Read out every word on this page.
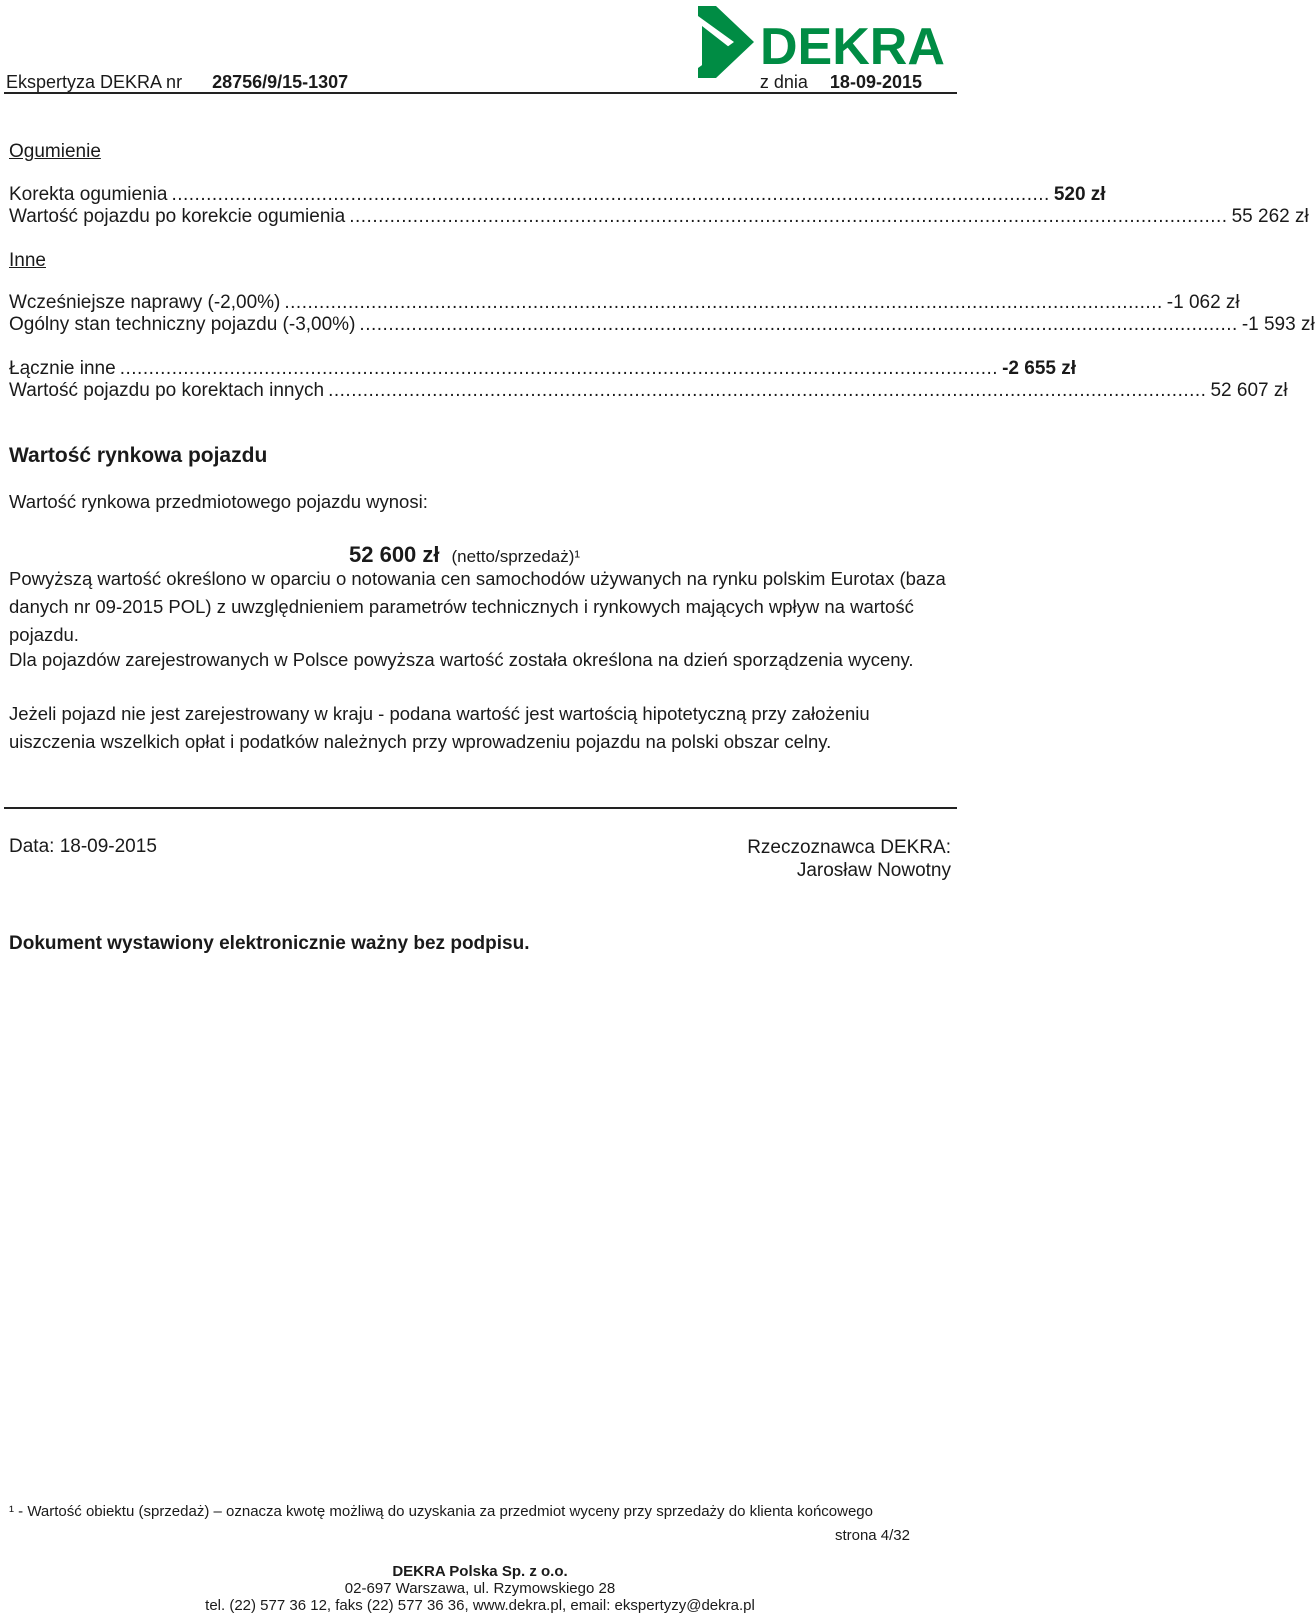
DEKRA
Ekspertyza DEKRA nr 28756/9/15-1307	z dnia 18-09-2015
Ogumienie
Korekta ogumienia ........................................................................................................................................................ 520 zł
Wartość pojazdu po korekcie ogumienia ........................................................................................................................................................ 55 262 zł
Inne
Wcześniejsze naprawy (-2,00%) ........................................................................................................................................................ -1 062 zł
Ogólny stan techniczny pojazdu (-3,00%) ........................................................................................................................................................ -1 593 zł
Łącznie inne ........................................................................................................................................................ -2 655 zł
Wartość pojazdu po korektach innych ........................................................................................................................................................ 52 607 zł
Wartość rynkowa pojazdu
Wartość rynkowa przedmiotowego pojazdu wynosi:
52 600 zł (netto/sprzedaż)¹
Powyższą wartość określono w oparciu o notowania cen samochodów używanych na rynku polskim Eurotax (baza danych nr 09-2015 POL) z uwzględnieniem parametrów technicznych i rynkowych mających wpływ na wartość pojazdu.
Dla pojazdów zarejestrowanych w Polsce powyższa wartość została określona na dzień sporządzenia wyceny.
Jeżeli pojazd nie jest zarejestrowany w kraju - podana wartość jest wartością hipotetyczną przy założeniu uiszczenia wszelkich opłat i podatków należnych przy wprowadzeniu pojazdu na polski obszar celny.
Data: 18-09-2015	Rzeczoznawca DEKRA:
Jarosław Nowotny
Dokument wystawiony elektronicznie ważny bez podpisu.
¹ - Wartość obiektu (sprzedaż) – oznacza kwotę możliwą do uzyskania za przedmiot wyceny przy sprzedaży do klienta końcowego
strona 4/32
DEKRA Polska Sp. z o.o.
02-697 Warszawa, ul. Rzymowskiego 28
tel. (22) 577 36 12, faks (22) 577 36 36, www.dekra.pl, email: ekspertyzy@dekra.pl
